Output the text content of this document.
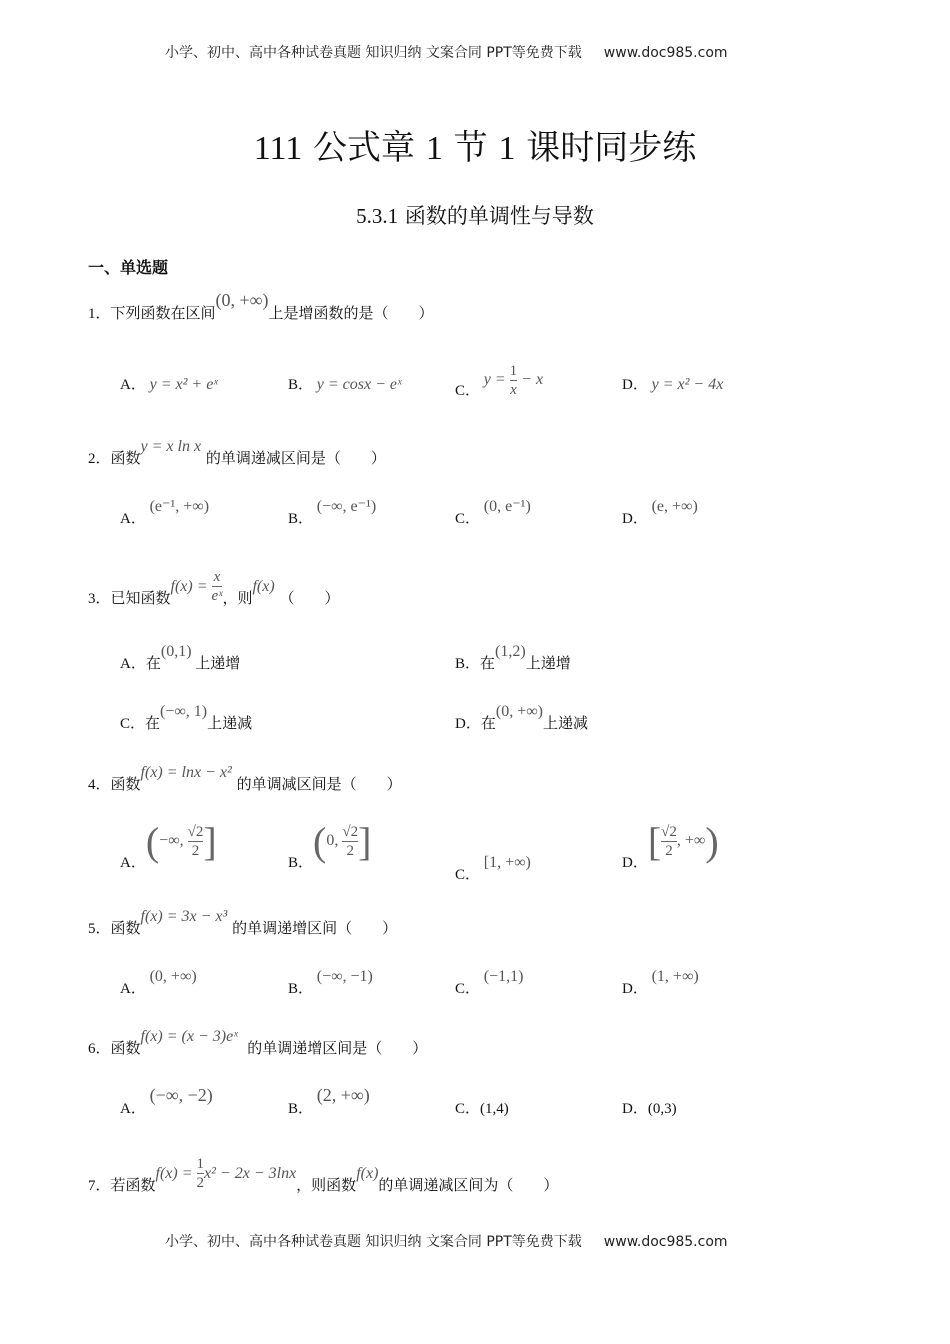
小学、初中、高中各种试卷真题 知识归纳 文案合同 PPT等免费下载 www.doc985.com
111 公式章 1 节 1 课时同步练
5.3.1 函数的单调性与导数
一、单选题
1．下列函数在区间(0, +∞)上是增函数的是（　　）
A． y = x² + eˣ	B． y = cosx − eˣ	C． $y = \frac{1}{x} - x$	D． y = x² − 4x
2．函数y = x ln x 的单调递减区间是（　　）
A． (e⁻¹, +∞)
B． (−∞, e⁻¹)
C． (0, e⁻¹)
D． (e, +∞)
3．已知函数$f(x) = \frac{x}{\text{eˣ}}$ ，则f(x) （　　）
A．在(0,1) 上递增	B．在(1,2)上递增
C．在(−∞, 1)上递减	D．在(0, +∞)上递减
4．函数f(x) = lnx − x² 的单调减区间是（　　）
A．(−∞, $\frac{√2}{2}$ ]	B．(0, $\frac{√2}{2}$ ]
C． [1, +∞)	D．[ $\frac{√2}{2}$ , +∞)
5．函数f(x) = 3x − x³ 的单调递增区间（　　）
A． (0, +∞)
B． (−∞, −1)
C． (−1,1)
D． (1, +∞)
6．函数f(x) = (x − 3)eˣ  的单调递增区间是（　　）
A． (−∞, −2)
B． (2, +∞)
C．(1,4)	D．(0,3)
7．若函数$f(x) = \frac{1}{2} x^2 - 2x - 3\ln x$，则函数f(x)的单调递减区间为（　　）
小学、初中、高中各种试卷真题 知识归纳 文案合同 PPT等免费下载 www.doc985.com
